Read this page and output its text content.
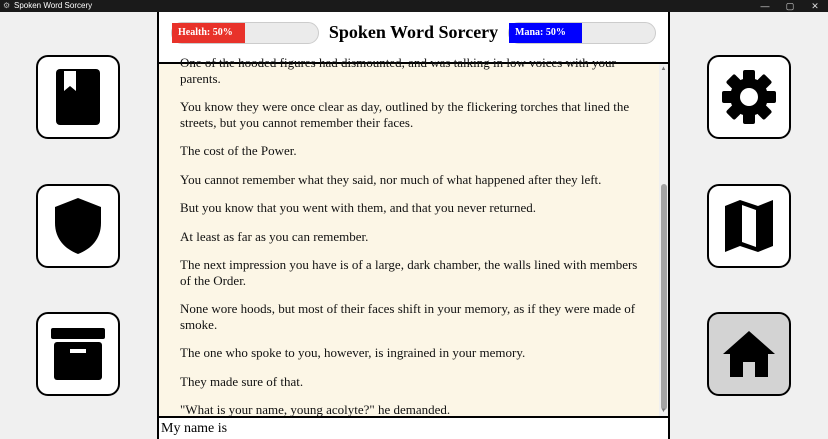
⚙ Spoken Word Sorcery	—	▢	✕
Health: 50%	Spoken Word Sorcery	Mana: 50%

One of the hooded figures had dismounted, and was talking in low voices with your parents.

You know they were once clear as day, outlined by the flickering torches that lined the streets, but you cannot remember their faces.

The cost of the Power.

You cannot remember what they said, nor much of what happened after they left.

But you know that you went with them, and that you never returned.

At least as far as you can remember.

The next impression you have is of a large, dark chamber, the walls lined with members of the Order.

None wore hoods, but most of their faces shift in your memory, as if they were made of smoke.

The one who spoke to you, however, is ingrained in your memory.

They made sure of that.

"What is your name, young acolyte?" he demanded.

▲
▼
My name is
